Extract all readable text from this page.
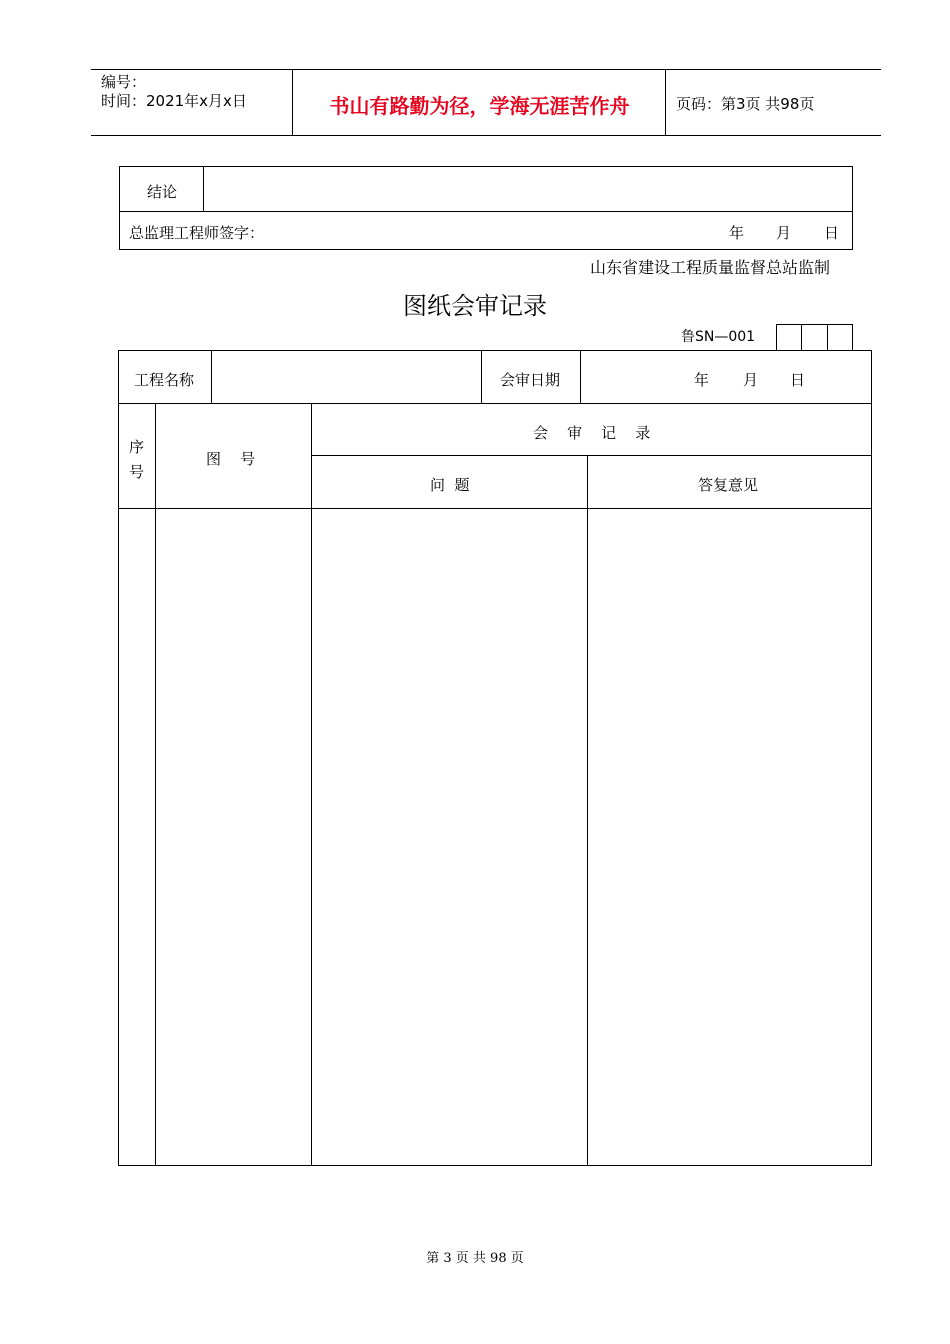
编号：
时间：2021年x月x日	书山有路勤为径，学海无涯苦作舟	页码：第3页 共98页
结论
总监理工程师签字：	年 月 日
山东省建设工程质量监督总站监制
图纸会审记录
鲁SN—001
工程名称	会审日期	年 月 日
序
号
图    号
会    审    记    录
问  题	答复意见
第 3 页 共 98 页
